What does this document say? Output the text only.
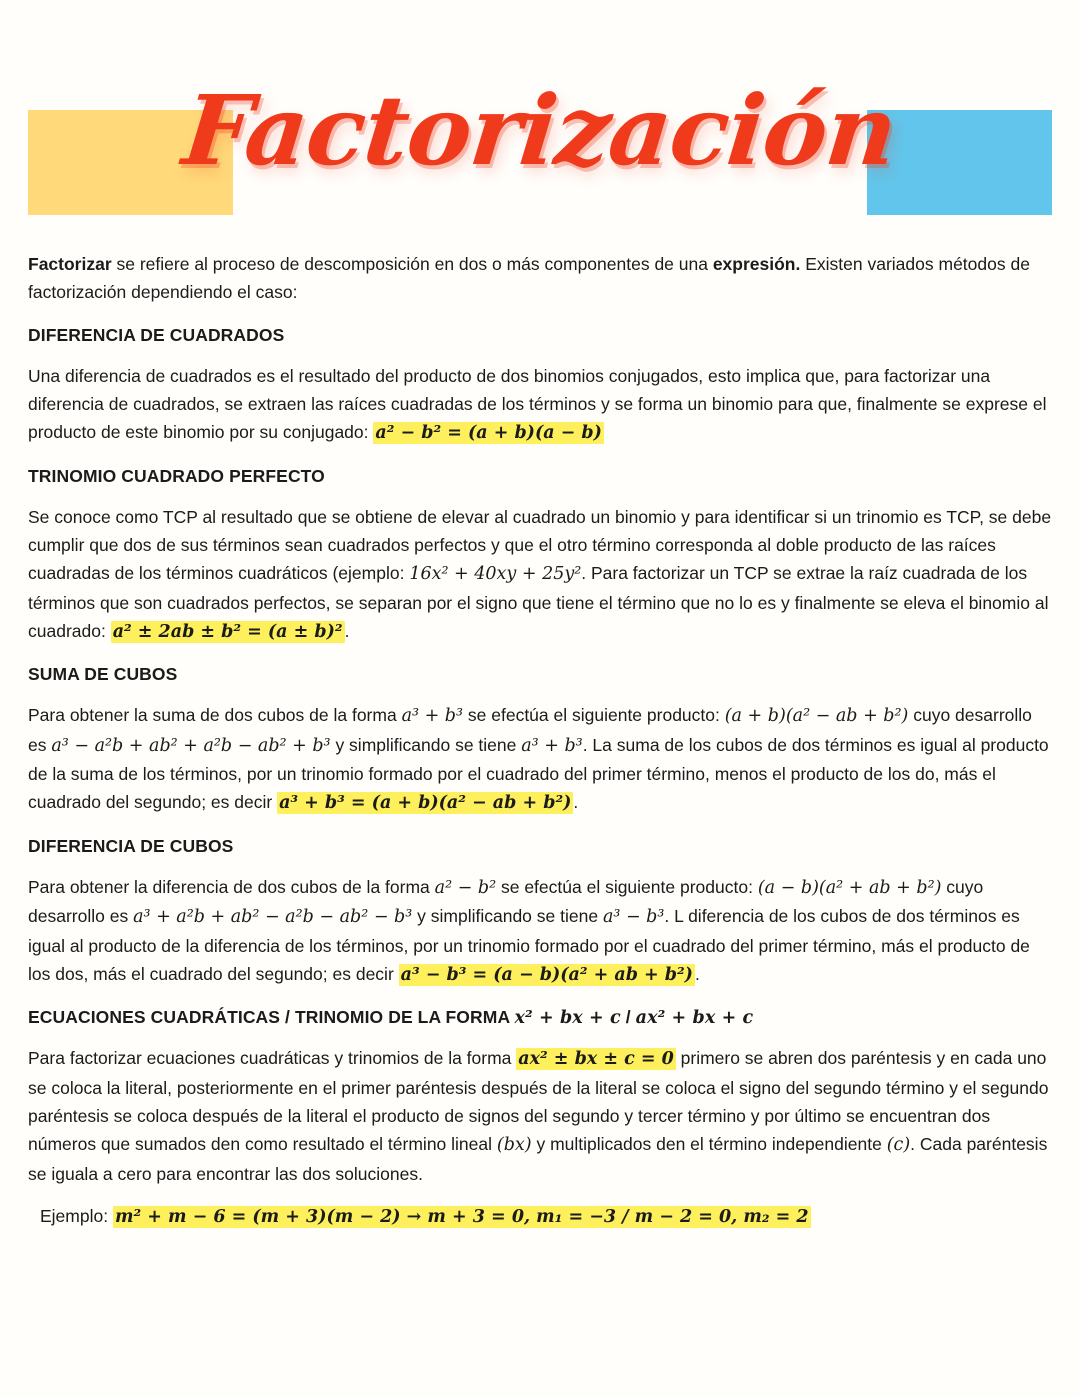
Factorización

Factorizar se refiere al proceso de descomposición en dos o más componentes de una expresión. Existen variados métodos de factorización dependiendo el caso:

DIFERENCIA DE CUADRADOS

Una diferencia de cuadrados es el resultado del producto de dos binomios conjugados, esto implica que, para factorizar una diferencia de cuadrados, se extraen las raíces cuadradas de los términos y se forma un binomio para que, finalmente se exprese el producto de este binomio por su conjugado: a² − b² = (a + b)(a − b)

TRINOMIO CUADRADO PERFECTO

Se conoce como TCP al resultado que se obtiene de elevar al cuadrado un binomio y para identificar si un trinomio es TCP, se debe cumplir que dos de sus términos sean cuadrados perfectos y que el otro término corresponda al doble producto de las raíces cuadradas de los términos cuadráticos (ejemplo: 16x² + 40xy + 25y². Para factorizar un TCP se extrae la raíz cuadrada de los términos que son cuadrados perfectos, se separan por el signo que tiene el término que no lo es y finalmente se eleva el binomio al cuadrado: a² ± 2ab ± b² = (a ± b)² .

SUMA DE CUBOS

Para obtener la suma de dos cubos de la forma a³ + b³ se efectúa el siguiente producto: (a + b)(a² − ab + b²) cuyo desarrollo es a³ − a²b + ab² + a²b − ab² + b³ y simplificando se tiene a³ + b³. La suma de los cubos de dos términos es igual al producto de la suma de los términos, por un trinomio formado por el cuadrado del primer término, menos el producto de los do, más el cuadrado del segundo; es decir a³ + b³ = (a + b)(a² − ab + b²) .

DIFERENCIA DE CUBOS

Para obtener la diferencia de dos cubos de la forma a² − b² se efectúa el siguiente producto: (a − b)(a² + ab + b²) cuyo desarrollo es a³ + a²b + ab² − a²b − ab² − b³ y simplificando se tiene a³ − b³. L diferencia de los cubos de dos términos es igual al producto de la diferencia de los términos, por un trinomio formado por el cuadrado del primer término, más el producto de los dos, más el cuadrado del segundo; es decir a³ − b³ = (a − b)(a² + ab + b²) .

ECUACIONES CUADRÁTICAS / TRINOMIO DE LA FORMA x² + bx + c / ax² + bx + c

Para factorizar ecuaciones cuadráticas y trinomios de la forma ax² ± bx ± c = 0 primero se abren dos paréntesis y en cada uno se coloca la literal, posteriormente en el primer paréntesis después de la literal se coloca el signo del segundo término y el segundo paréntesis se coloca después de la literal el producto de signos del segundo y tercer término y por último se encuentran dos números que sumados den como resultado el término lineal (bx) y multiplicados den el término independiente (c). Cada paréntesis se iguala a cero para encontrar las dos soluciones.

Ejemplo: m² + m − 6 = (m + 3)(m − 2) → m + 3 = 0, m₁ = −3 / m − 2 = 0, m₂ = 2
